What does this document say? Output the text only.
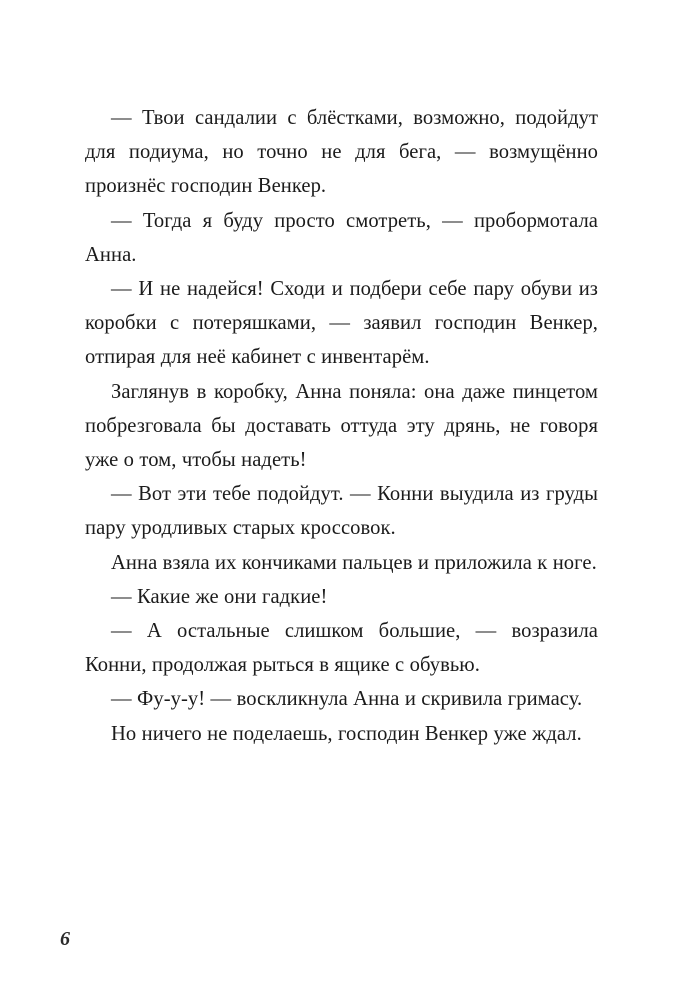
— Твои сандалии с блёстками, возможно, подойдут для подиума, но точно не для бега, — возмущённо произнёс господин Венкер.

— Тогда я буду просто смотреть, — пробормотала Анна.

— И не надейся! Сходи и подбери себе пару обуви из коробки с потеряшками, — заявил господин Венкер, отпирая для неё кабинет с инвентарём.

Заглянув в коробку, Анна поняла: она даже пинцетом побрезговала бы доставать оттуда эту дрянь, не говоря уже о том, чтобы надеть!

— Вот эти тебе подойдут. — Конни выудила из груды пару уродливых старых кроссовок.

Анна взяла их кончиками пальцев и приложила к ноге.

— Какие же они гадкие!

— А остальные слишком большие, — возразила Конни, продолжая рыться в ящике с обувью.

— Фу-у-у! — воскликнула Анна и скривила гримасу.

Но ничего не поделаешь, господин Венкер уже ждал.

6
